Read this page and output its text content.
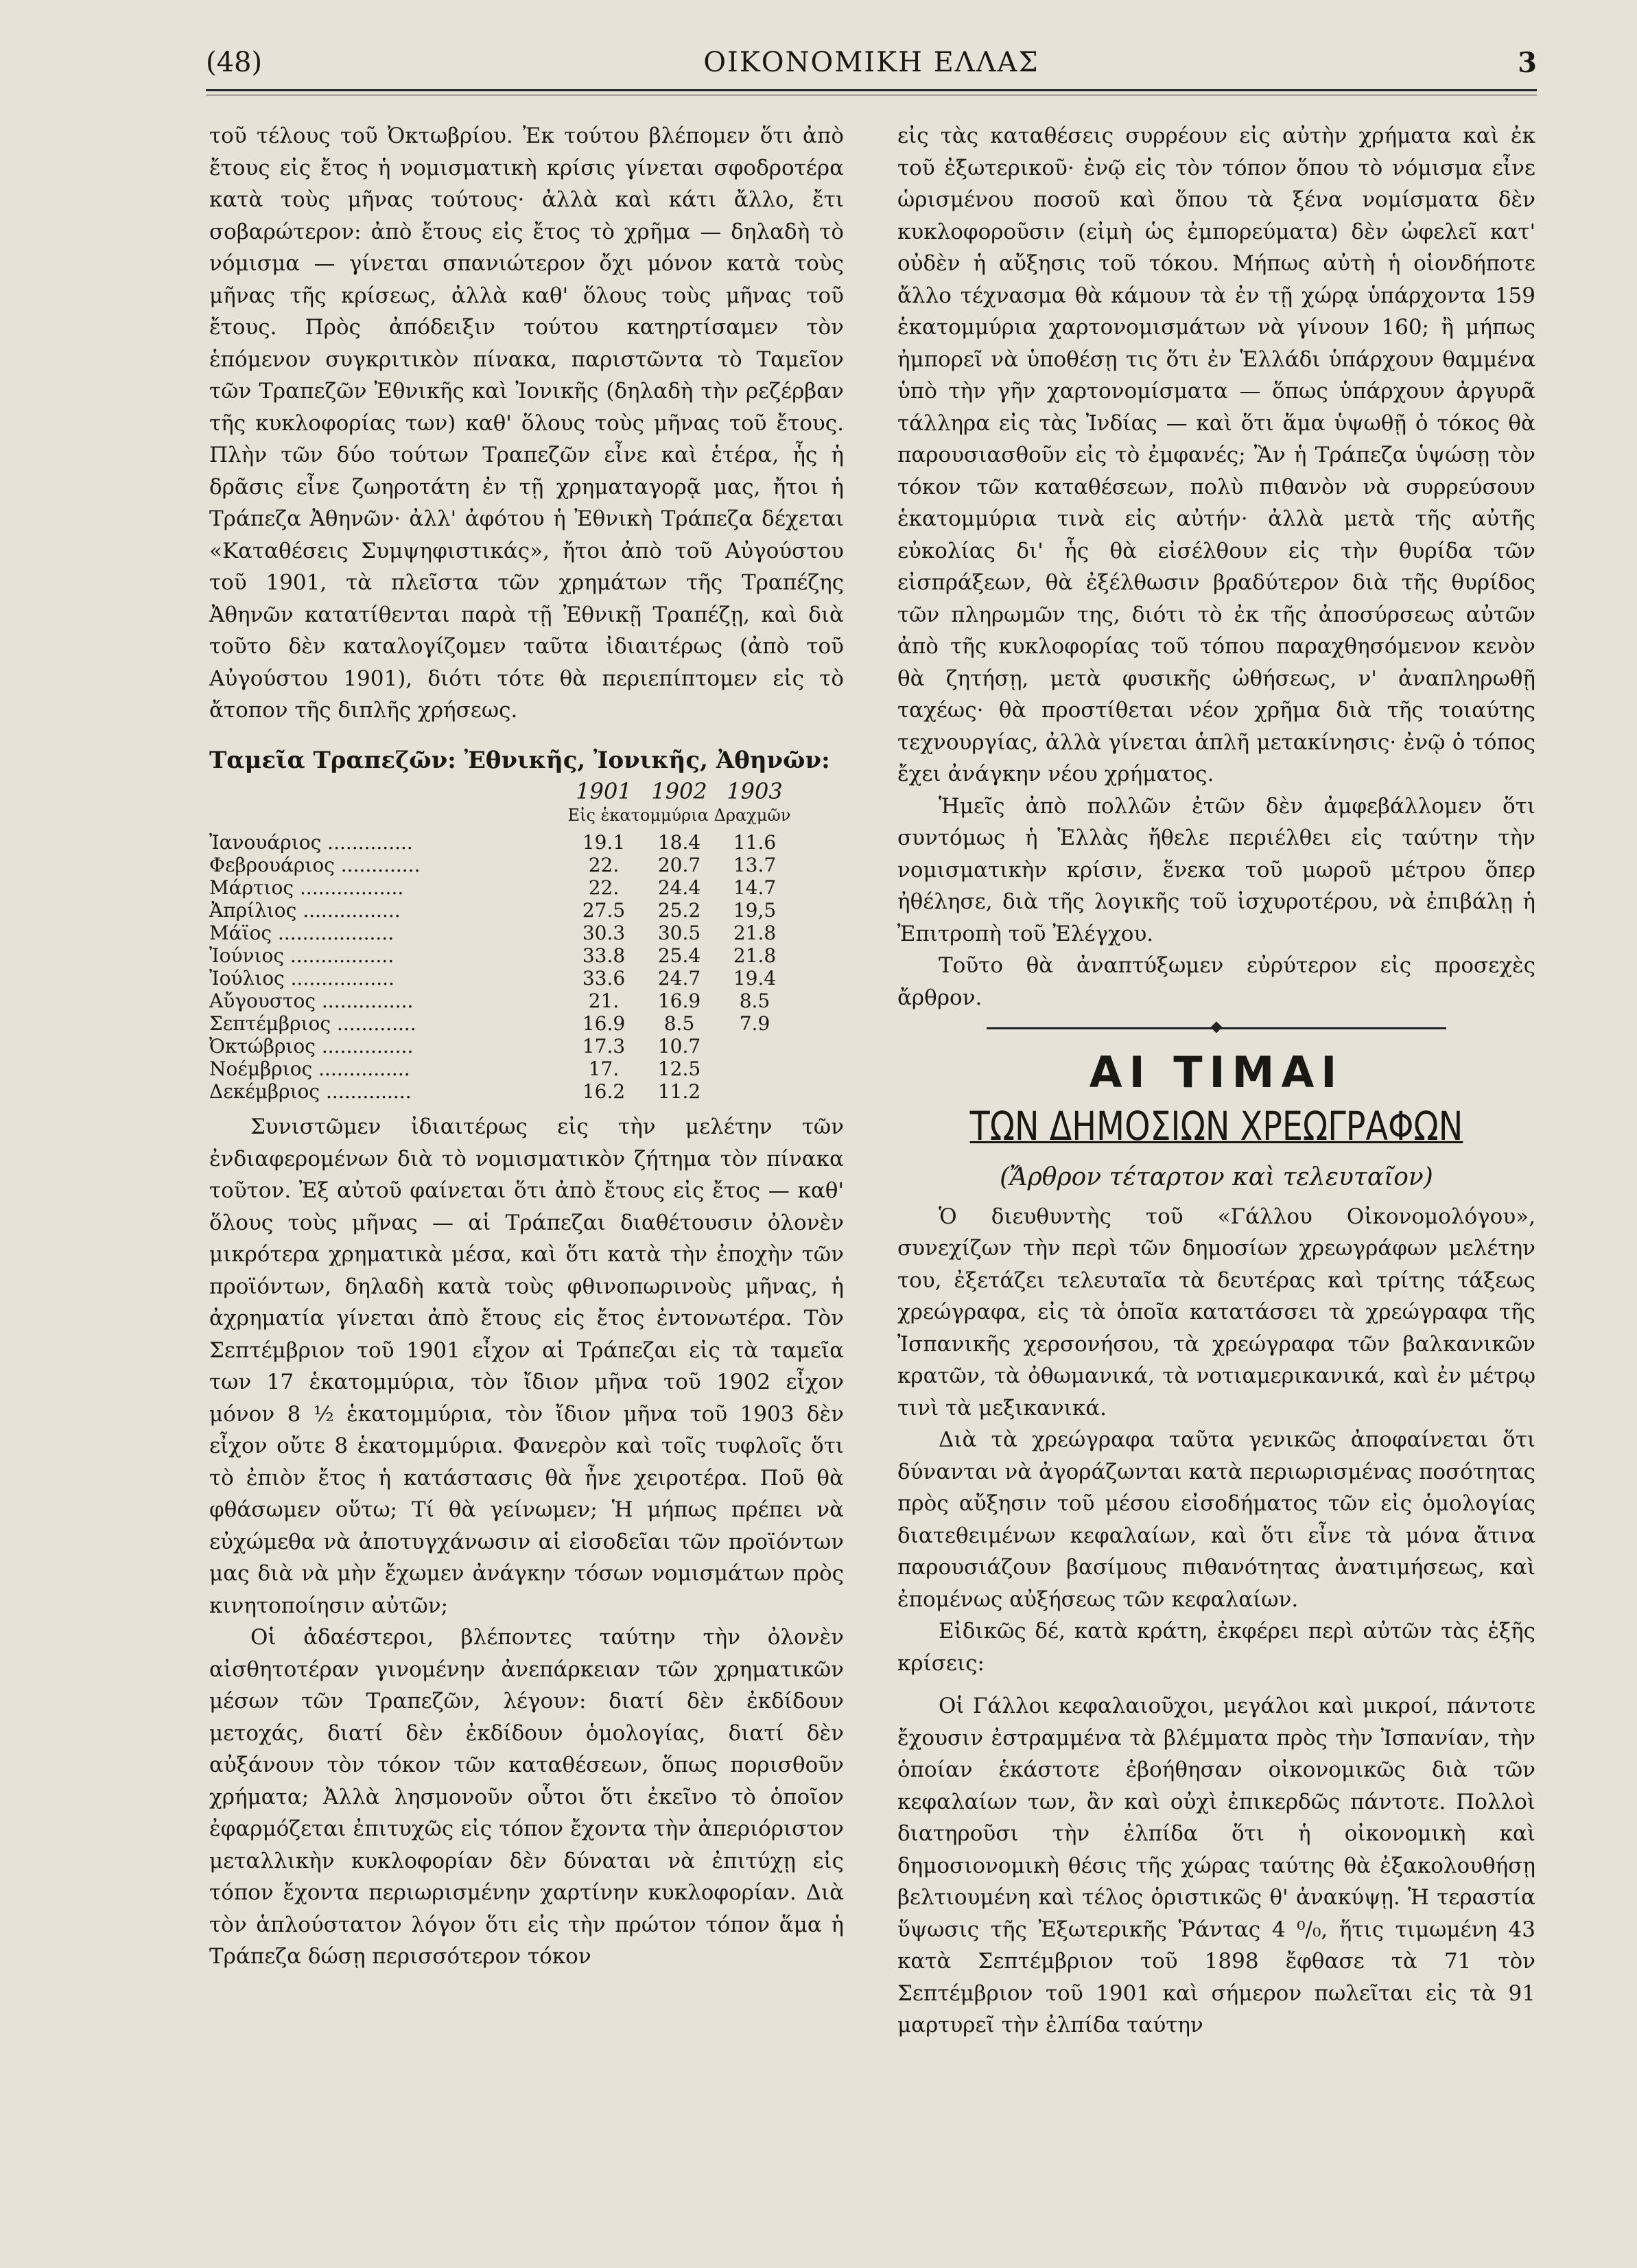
ΟΙΚΟΝΟΜΙΚΗ ΕΛΛΑΣ
(48)	3

τοῦ τέλους τοῦ Ὀκτωβρίου. Ἐκ τούτου βλέπομεν ὅτι ἀπὸ ἔτους εἰς ἔτος ἡ νομισματικὴ κρίσις γίνεται σφοδροτέρα κατὰ τοὺς μῆνας τούτους· ἀλλὰ καὶ κάτι ἄλλο, ἔτι σοβαρώτερον: ἀπὸ ἔτους εἰς ἔτος τὸ χρῆμα — δηλαδὴ τὸ νόμισμα — γίνεται σπανιώτερον ὄχι μόνον κατὰ τοὺς μῆνας τῆς κρίσεως, ἀλλὰ καθ' ὅλους τοὺς μῆνας τοῦ ἔτους. Πρὸς ἀπόδειξιν τούτου κατηρτίσαμεν τὸν ἑπόμενον συγκριτικὸν πίνακα, παριστῶντα τὸ Ταμεῖον τῶν Τραπεζῶν Ἐθνικῆς καὶ Ἰονικῆς (δηλαδὴ τὴν ρεζέρβαν τῆς κυκλοφορίας των) καθ' ὅλους τοὺς μῆνας τοῦ ἔτους. Πλὴν τῶν δύο τούτων Τραπεζῶν εἶνε καὶ ἑτέρα, ἧς ἡ δρᾶσις εἶνε ζωηροτάτη ἐν τῇ χρηματαγορᾷ μας, ἤτοι ἡ Τράπεζα Ἀθηνῶν· ἀλλ' ἀφότου ἡ Ἐθνικὴ Τράπεζα δέχεται «Καταθέσεις Συμψηφιστικάς», ἤτοι ἀπὸ τοῦ Αὐγούστου τοῦ 1901, τὰ πλεῖστα τῶν χρημάτων τῆς Τραπέζης Ἀθηνῶν κατατίθενται παρὰ τῇ Ἐθνικῇ Τραπέζῃ, καὶ διὰ τοῦτο δὲν καταλογίζομεν ταῦτα ἰδιαιτέρως (ἀπὸ τοῦ Αὐγούστου 1901), διότι τότε θὰ περιεπίπτομεν εἰς τὸ ἄτοπον τῆς διπλῆς χρήσεως.

Ταμεῖα Τραπεζῶν: Ἐθνικῆς, Ἰονικῆς, Ἀθηνῶν:
	1901	1902	1903
	Εἰς ἑκατομμύρια Δραχμῶν		
Ἰανουάριος ..............	19.1	18.4	11.6
Φεβρουάριος .............	22.	20.7	13.7
Μάρτιος .................	22.	24.4	14.7
Ἀπρίλιος ................	27.5	25.2	19,5
Μάϊος ...................	30.3	30.5	21.8
Ἰούνιος .................	33.8	25.4	21.8
Ἰούλιος .................	33.6	24.7	19.4
Αὔγουστος ...............	21.	16.9	8.5
Σεπτέμβριος .............	16.9	8.5	7.9
Ὀκτώβριος ...............	17.3	10.7	
Νοέμβριος ...............	17.	12.5	
Δεκέμβριος ..............	16.2	11.2	

Συνιστῶμεν ἰδιαιτέρως εἰς τὴν μελέτην τῶν ἐνδιαφερομένων διὰ τὸ νομισματικὸν ζήτημα τὸν πίνακα τοῦτον. Ἐξ αὐτοῦ φαίνεται ὅτι ἀπὸ ἔτους εἰς ἔτος — καθ' ὅλους τοὺς μῆνας — αἱ Τράπεζαι διαθέτουσιν ὀλονὲν μικρότερα χρηματικὰ μέσα, καὶ ὅτι κατὰ τὴν ἐποχὴν τῶν προϊόντων, δηλαδὴ κατὰ τοὺς φθινοπωρινοὺς μῆνας, ἡ ἀχρηματία γίνεται ἀπὸ ἔτους εἰς ἔτος ἐντονωτέρα. Τὸν Σεπτέμβριον τοῦ 1901 εἶχον αἱ Τράπεζαι εἰς τὰ ταμεῖα των 17 ἑκατομμύρια, τὸν ἴδιον μῆνα τοῦ 1902 εἶχον μόνον 8 ½ ἑκατομμύρια, τὸν ἴδιον μῆνα τοῦ 1903 δὲν εἶχον οὔτε 8 ἑκατομμύρια. Φανερὸν καὶ τοῖς τυφλοῖς ὅτι τὸ ἐπιὸν ἔτος ἡ κατάστασις θὰ ἦνε χειροτέρα. Ποῦ θὰ φθάσωμεν οὕτω; Τί θὰ γείνωμεν; Ἡ μήπως πρέπει νὰ εὐχώμεθα νὰ ἀποτυγχάνωσιν αἱ εἰσοδεῖαι τῶν προϊόντων μας διὰ νὰ μὴν ἔχωμεν ἀνάγκην τόσων νομισμάτων πρὸς κινητοποίησιν αὐτῶν;

Οἱ ἀδαέστεροι, βλέποντες ταύτην τὴν ὀλονὲν αἰσθητοτέραν γινομένην ἀνεπάρκειαν τῶν χρηματικῶν μέσων τῶν Τραπεζῶν, λέγουν: διατί δὲν ἐκδίδουν μετοχάς, διατί δὲν ἐκδίδουν ὁμολογίας, διατί δὲν αὐξάνουν τὸν τόκον τῶν καταθέσεων, ὅπως πορισθοῦν χρήματα; Ἀλλὰ λησμονοῦν οὗτοι ὅτι ἐκεῖνο τὸ ὁποῖον ἐφαρμόζεται ἐπιτυχῶς εἰς τόπον ἔχοντα τὴν ἀπεριόριστον μεταλλικὴν κυκλοφορίαν δὲν δύναται νὰ ἐπιτύχῃ εἰς τόπον ἔχοντα περιωρισμένην χαρτίνην κυκλοφορίαν. Διὰ τὸν ἁπλούστατον λόγον ὅτι εἰς τὴν πρώτον τόπον ἅμα ἡ Τράπεζα δώσῃ περισσότερον τόκον

εἰς τὰς καταθέσεις συρρέουν εἰς αὐτὴν χρήματα καὶ ἐκ τοῦ ἐξωτερικοῦ· ἐνῷ εἰς τὸν τόπον ὅπου τὸ νόμισμα εἶνε ὡρισμένου ποσοῦ καὶ ὅπου τὰ ξένα νομίσματα δὲν κυκλοφοροῦσιν (εἰμὴ ὡς ἐμπορεύματα) δὲν ὠφελεῖ κατ' οὐδὲν ἡ αὔξησις τοῦ τόκου. Μήπως αὐτὴ ἡ οἱονδήποτε ἄλλο τέχνασμα θὰ κάμουν τὰ ἐν τῇ χώρᾳ ὑπάρχοντα 159 ἑκατομμύρια χαρτονομισμάτων νὰ γίνουν 160; ἢ μήπως ἠμπορεῖ νὰ ὑποθέσῃ τις ὅτι ἐν Ἑλλάδι ὑπάρχουν θαμμένα ὑπὸ τὴν γῆν χαρτονομίσματα — ὅπως ὑπάρχουν ἀργυρᾶ τάλληρα εἰς τὰς Ἰνδίας — καὶ ὅτι ἅμα ὑψωθῇ ὁ τόκος θὰ παρουσιασθοῦν εἰς τὸ ἐμφανές; Ἂν ἡ Τράπεζα ὑψώσῃ τὸν τόκον τῶν καταθέσεων, πολὺ πιθανὸν νὰ συρρεύσουν ἑκατομμύρια τινὰ εἰς αὐτήν· ἀλλὰ μετὰ τῆς αὐτῆς εὐκολίας δι' ἧς θὰ εἰσέλθουν εἰς τὴν θυρίδα τῶν εἰσπράξεων, θὰ ἐξέλθωσιν βραδύτερον διὰ τῆς θυρίδος τῶν πληρωμῶν της, διότι τὸ ἐκ τῆς ἀποσύρσεως αὐτῶν ἀπὸ τῆς κυκλοφορίας τοῦ τόπου παραχθησόμενον κενὸν θὰ ζητήσῃ, μετὰ φυσικῆς ὠθήσεως, ν' ἀναπληρωθῇ ταχέως· θὰ προστίθεται νέον χρῆμα διὰ τῆς τοιαύτης τεχνουργίας, ἀλλὰ γίνεται ἁπλῆ μετακίνησις· ἐνῷ ὁ τόπος ἔχει ἀνάγκην νέου χρήματος.

Ἡμεῖς ἀπὸ πολλῶν ἐτῶν δὲν ἀμφεβάλλομεν ὅτι συντόμως ἡ Ἑλλὰς ἤθελε περιέλθει εἰς ταύτην τὴν νομισματικὴν κρίσιν, ἕνεκα τοῦ μωροῦ μέτρου ὅπερ ἠθέλησε, διὰ τῆς λογικῆς τοῦ ἰσχυροτέρου, νὰ ἐπιβάλῃ ἡ Ἐπιτροπὴ τοῦ Ἐλέγχου.

Τοῦτο θὰ ἀναπτύξωμεν εὐρύτερον εἰς προσεχὲς ἄρθρον.

ΑΙ ΤΙΜΑΙ
ΤΩΝ ΔΗΜΟΣΙΩΝ ΧΡΕΩΓΡΑΦΩΝ
(Ἄρθρον τέταρτον καὶ τελευταῖον)

Ὁ διευθυντὴς τοῦ «Γάλλου Οἰκονομολόγου», συνεχίζων τὴν περὶ τῶν δημοσίων χρεωγράφων μελέτην του, ἐξετάζει τελευταῖα τὰ δευτέρας καὶ τρίτης τάξεως χρεώγραφα, εἰς τὰ ὁποῖα κατατάσσει τὰ χρεώγραφα τῆς Ἰσπανικῆς χερσονήσου, τὰ χρεώγραφα τῶν βαλκανικῶν κρατῶν, τὰ ὀθωμανικά, τὰ νοτιαμερικανικά, καὶ ἐν μέτρῳ τινὶ τὰ μεξικανικά.

Διὰ τὰ χρεώγραφα ταῦτα γενικῶς ἀποφαίνεται ὅτι δύνανται νὰ ἀγοράζωνται κατὰ περιωρισμένας ποσότητας πρὸς αὔξησιν τοῦ μέσου εἰσοδήματος τῶν εἰς ὁμολογίας διατεθειμένων κεφαλαίων, καὶ ὅτι εἶνε τὰ μόνα ἄτινα παρουσιάζουν βασίμους πιθανότητας ἀνατιμήσεως, καὶ ἐπομένως αὐξήσεως τῶν κεφαλαίων.

Εἰδικῶς δέ, κατὰ κράτη, ἐκφέρει περὶ αὐτῶν τὰς ἑξῆς κρίσεις:

Οἱ Γάλλοι κεφαλαιοῦχοι, μεγάλοι καὶ μικροί, πάντοτε ἔχουσιν ἐστραμμένα τὰ βλέμματα πρὸς τὴν Ἰσπανίαν, τὴν ὁποίαν ἑκάστοτε ἐβοήθησαν οἰκονομικῶς διὰ τῶν κεφαλαίων των, ἂν καὶ οὐχὶ ἐπικερδῶς πάντοτε. Πολλοὶ διατηροῦσι τὴν ἐλπίδα ὅτι ἡ οἰκονομικὴ καὶ δημοσιονομικὴ θέσις τῆς χώρας ταύτης θὰ ἐξακολουθήσῃ βελτιουμένη καὶ τέλος ὁριστικῶς θ' ἀνακύψῃ. Ἡ τεραστία ὕψωσις τῆς Ἐξωτερικῆς Ῥάντας 4 ⁰/₀, ἥτις τιμωμένη 43 κατὰ Σεπτέμβριον τοῦ 1898 ἔφθασε τὰ 71 τὸν Σεπτέμβριον τοῦ 1901 καὶ σήμερον πωλεῖται εἰς τὰ 91 μαρτυρεῖ τὴν ἐλπίδα ταύτην
